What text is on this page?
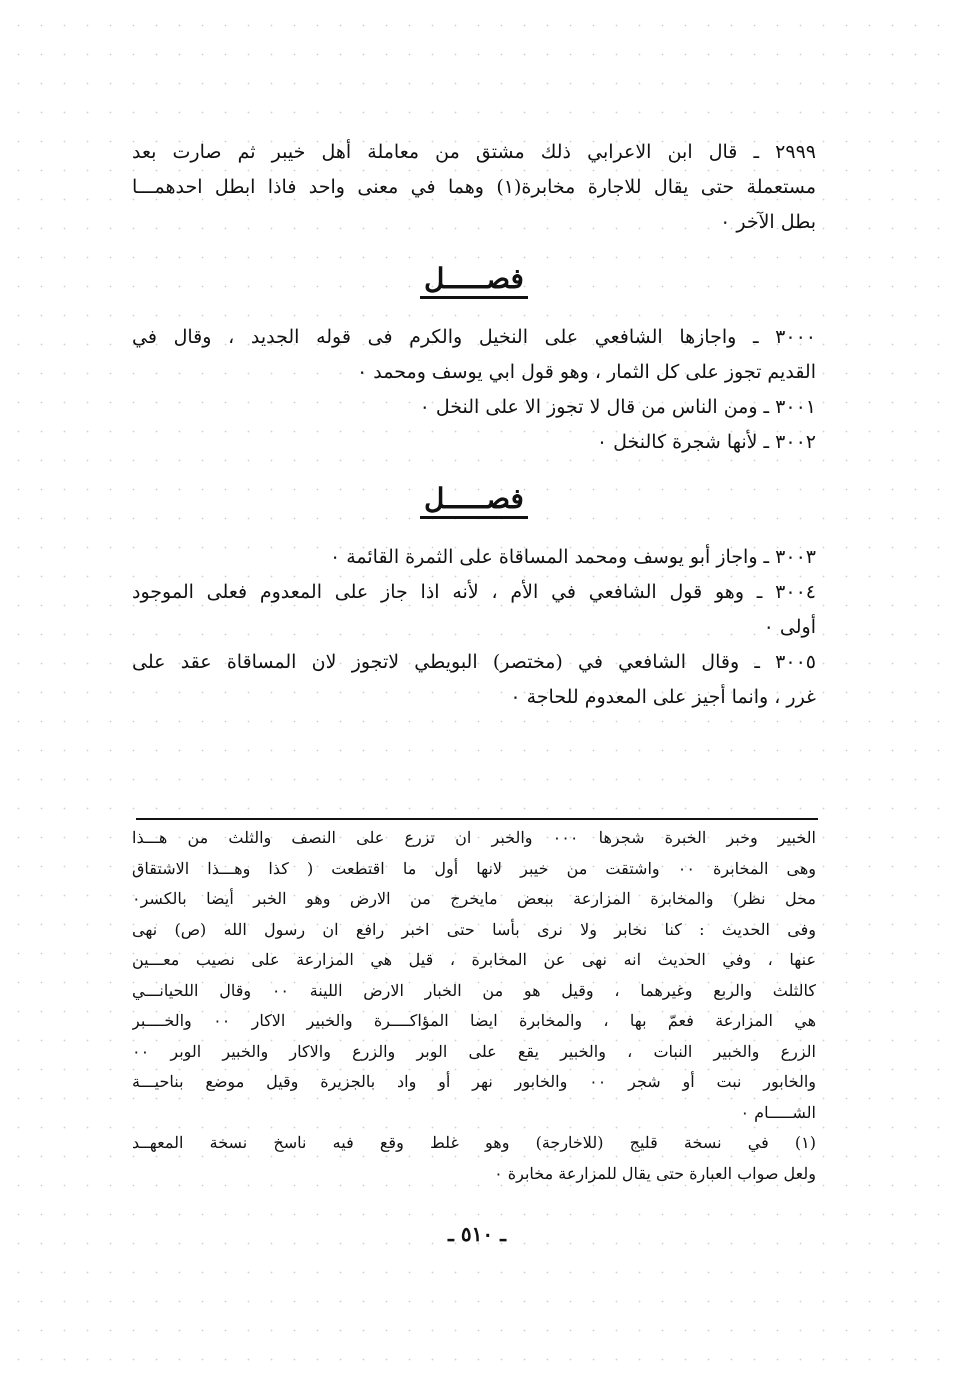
٢٩٩٩ ـ قال ابن الاعرابي ذلك مشتق من معاملة أهل خيبر ثم صارت بعد
مستعملة حتى يقال للاجارة مخابرة(١) وهما في معنى واحد فاذا ابطل احدهمـــا
بطل الآخر ٠
فصـــــل
٣٠٠٠ ـ واجازها الشافعي على النخيل والكرم فى قوله الجديد ، وقال في
القديم تجوز على كل الثمار ، وهو قول ابي يوسف ومحمد ٠
٣٠٠١ ـ ومن الناس من قال لا تجوز الا على النخل ٠
٣٠٠٢ ـ لأنها شجرة كالنخل ٠
فصـــــل
٣٠٠٣ ـ واجاز أبو يوسف ومحمد المساقاة على الثمرة القائمة ٠
٣٠٠٤ ـ وهو قول الشافعي في الأم ، لأنه اذا جاز على المعدوم فعلى الموجود
أولى ٠
٣٠٠٥ ـ وقال الشافعي في (مختصر) البويطي لاتجوز لان المساقاة عقد على
غرر ، وانما أجيز على المعدوم للحاجة ٠
الخبير وخبر الخبرة شجرها ٠٠٠ والخبر ان تزرع على النصف والثلث من هـــذا
وهى المخابرة ٠٠ واشتقت من خيبر لانها أول ما اقتطعت ( كذا وهـــذا الاشتقاق
محل نظر) والمخابرة المزارعة ببعض مايخرج من الارض وهو الخبر أيضا بالكسر٠
وفى الحديث : كنا نخابر ولا نرى بأسا حتى اخبر رافع ان رسول الله (ص) نهى
عنها ، وفي الحديث انه نهى عن المخابرة ، قيل هي المزارعة على نصيب معـــين
كالثلث والربع وغيرهما ، وقيل هو من الخبار الارض اللينة ٠٠ وقال اللحيانـــي
هي المزارعة فعمّ بها ، والمخابرة ايضا المؤاكــــرة والخبير الاكار ٠٠ والخــــبر
الزرع والخبير النبات ، والخبير يقع على الوبر والزرع والاكار والخبير الوبر ٠٠
والخابور نبت أو شجر ٠٠ والخابور نهر أو واد بالجزيرة وقيل موضع بناحيـــة
الشـــــام ٠
(١) في نسخة قليج (للاخارجة) وهو غلط وقع فيه ناسخ نسخة المعهــد
ولعل صواب العبارة حتى يقال للمزارعة مخابرة ٠
ـ ٥١٠ ـ
